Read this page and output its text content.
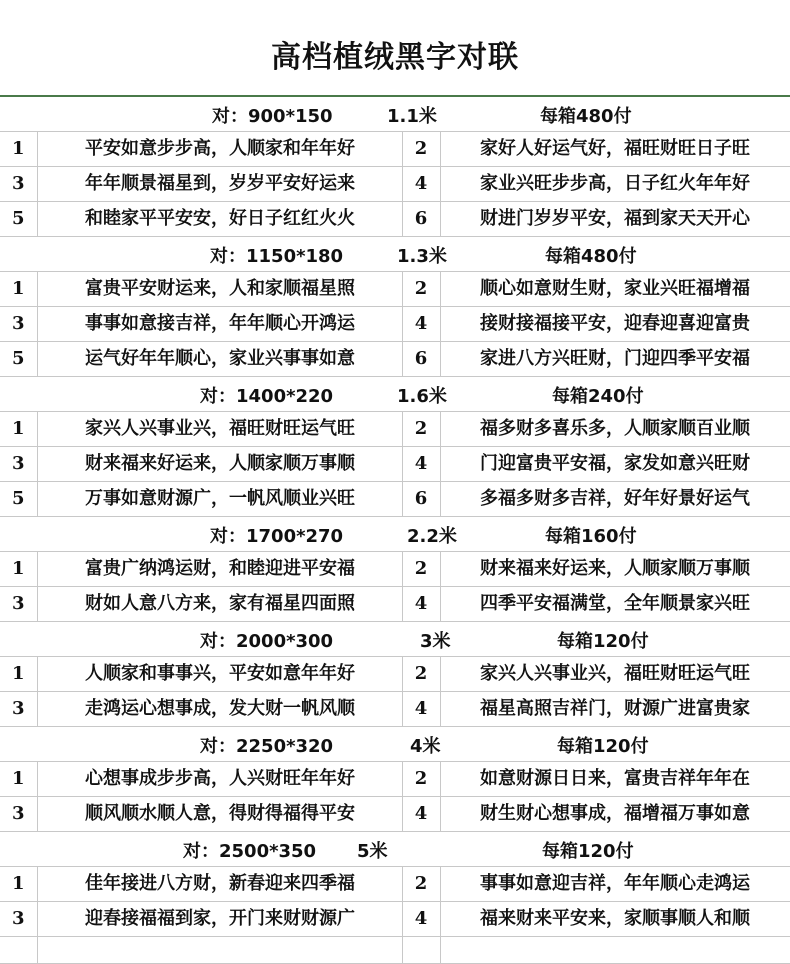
高档植绒黑字对联
对：900*150	1.1米	每箱480付
1	平安如意步步高，人顺家和年年好	2	家好人好运气好，福旺财旺日子旺
3	年年顺景福星到，岁岁平安好运来	4	家业兴旺步步高，日子红火年年好
5	和睦家平平安安，好日子红红火火	6	财进门岁岁平安，福到家天天开心
对：1150*180	1.3米	每箱480付
1	富贵平安财运来，人和家顺福星照	2	顺心如意财生财，家业兴旺福增福
3	事事如意接吉祥，年年顺心开鸿运	4	接财接福接平安，迎春迎喜迎富贵
5	运气好年年顺心，家业兴事事如意	6	家进八方兴旺财，门迎四季平安福
对：1400*220	1.6米	每箱240付
1	家兴人兴事业兴，福旺财旺运气旺	2	福多财多喜乐多，人顺家顺百业顺
3	财来福来好运来，人顺家顺万事顺	4	门迎富贵平安福，家发如意兴旺财
5	万事如意财源广，一帆风顺业兴旺	6	多福多财多吉祥，好年好景好运气
对：1700*270	2.2米	每箱160付
1	富贵广纳鸿运财，和睦迎进平安福	2	财来福来好运来，人顺家顺万事顺
3	财如人意八方来，家有福星四面照	4	四季平安福满堂，全年顺景家兴旺
对：2000*300	3米	每箱120付
1	人顺家和事事兴，平安如意年年好	2	家兴人兴事业兴，福旺财旺运气旺
3	走鸿运心想事成，发大财一帆风顺	4	福星高照吉祥门，财源广进富贵家
对：2250*320	4米	每箱120付
1	心想事成步步高，人兴财旺年年好	2	如意财源日日来，富贵吉祥年年在
3	顺风顺水顺人意，得财得福得平安	4	财生财心想事成，福增福万事如意
对：2500*350 5米	每箱120付
1	佳年接进八方财，新春迎来四季福	2	事事如意迎吉祥，年年顺心走鸿运
3	迎春接福福到家，开门来财财源广	4	福来财来平安来，家顺事顺人和顺
